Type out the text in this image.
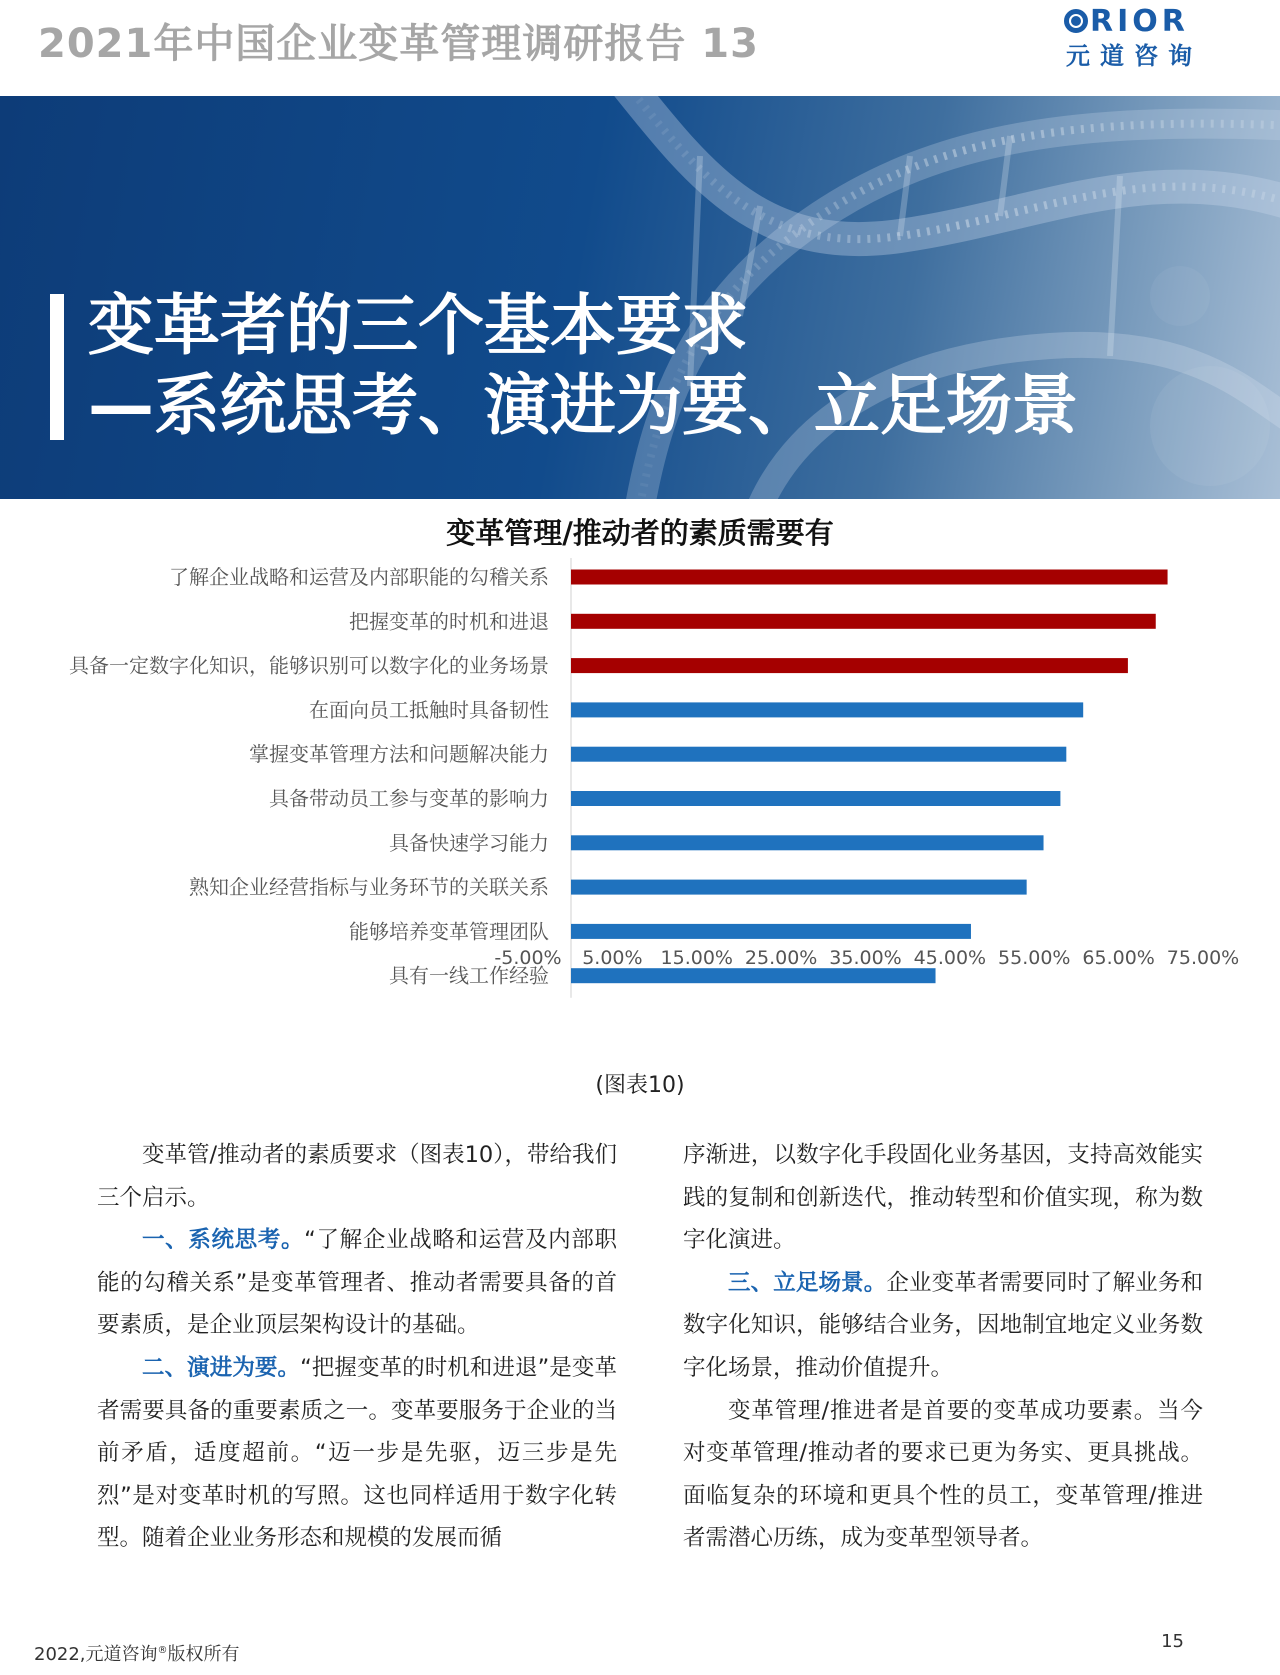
2021年中国企业变革管理调研报告 13	RIOR
元道咨询
变革者的三个基本要求
—系统思考、演进为要、立足场景
变革管理/推动者的素质需要有
了解企业战略和运营及内部职能的勾稽关系
把握变革的时机和进退
具备一定数字化知识，能够识别可以数字化的业务场景
在面向员工抵触时具备韧性
掌握变革管理方法和问题解决能力
具备带动员工参与变革的影响力
具备快速学习能力
熟知企业经营指标与业务环节的关联关系
能够培养变革管理团队
具有一线工作经验
-5.00% 5.00% 15.00% 25.00% 35.00% 45.00% 55.00% 65.00% 75.00%
(图表10)

变革管/推动者的素质要求（图表10），带给我们三个启示。

一、系统思考。“了解企业战略和运营及内部职能的勾稽关系”是变革管理者、推动者需要具备的首要素质，是企业顶层架构设计的基础。

二、演进为要。“把握变革的时机和进退”是变革者需要具备的重要素质之一。变革要服务于企业的当前矛盾，适度超前。“迈一步是先驱，迈三步是先烈”是对变革时机的写照。这也同样适用于数字化转型。随着企业业务形态和规模的发展而循

序渐进，以数字化手段固化业务基因，支持高效能实践的复制和创新迭代，推动转型和价值实现，称为数字化演进。

三、立足场景。企业变革者需要同时了解业务和数字化知识，能够结合业务，因地制宜地定义业务数字化场景，推动价值提升。

变革管理/推进者是首要的变革成功要素。当今对变革管理/推动者的要求已更为务实、更具挑战。面临复杂的环境和更具个性的员工，变革管理/推进者需潜心历练，成为变革型领导者。

2022,元道咨询®版权所有
15
